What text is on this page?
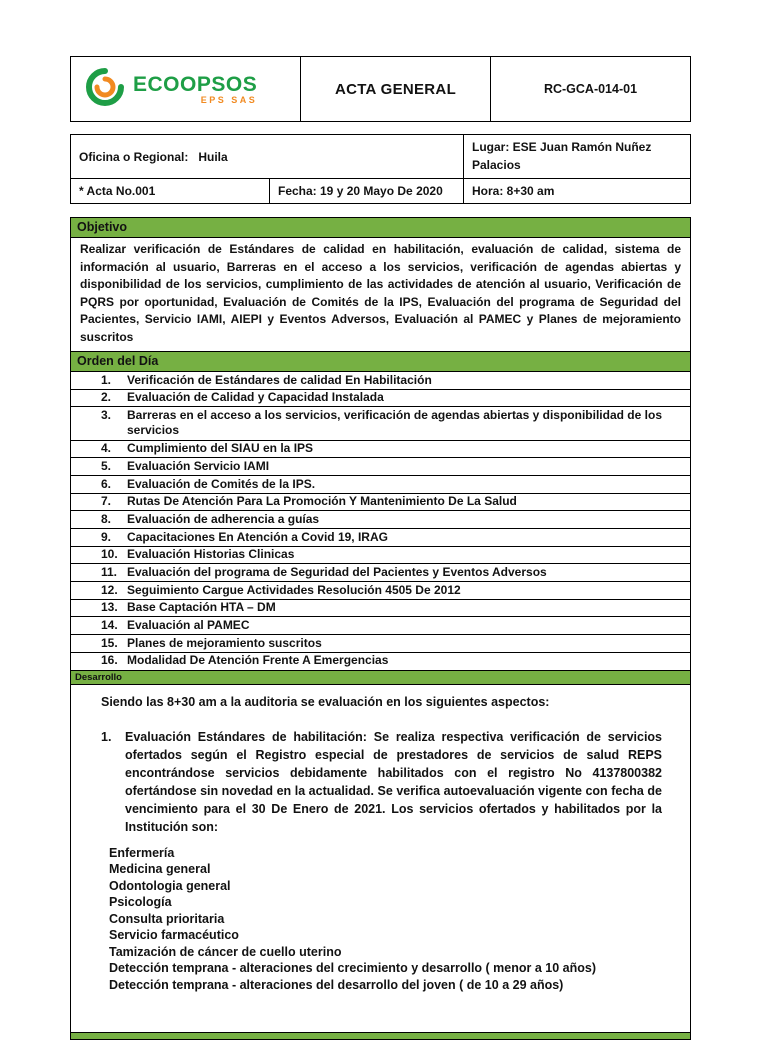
ECOOPSOS
EPS SAS
ACTA GENERAL	RC-GCA-014-01
Oficina o Regional: Huila
Lugar: ESE Juan Ramón Nuñez Palacios
* Acta No.001	Fecha: 19 y 20 Mayo De 2020	Hora: 8+30 am
Objetivo
Realizar verificación de Estándares de calidad en habilitación, evaluación de calidad, sistema de información al usuario, Barreras en el acceso a los servicios, verificación de agendas abiertas y disponibilidad de los servicios, cumplimiento de las actividades de atención al usuario, Verificación de PQRS por oportunidad, Evaluación de Comités de la IPS, Evaluación del programa de Seguridad del Pacientes, Servicio IAMI, AIEPI y Eventos Adversos, Evaluación al PAMEC y Planes de mejoramiento suscritos
Orden del Día
1.	Verificación de Estándares de calidad En Habilitación
2.	Evaluación de Calidad y Capacidad Instalada
3.	Barreras en el acceso a los servicios, verificación de agendas abiertas y disponibilidad de los servicios
4.	Cumplimiento del SIAU en la IPS
5.	Evaluación Servicio IAMI
6.	Evaluación de Comités de la IPS.
7.	Rutas De Atención Para La Promoción Y Mantenimiento De La Salud
8.	Evaluación de adherencia a guías
9.	Capacitaciones En Atención a Covid 19, IRAG
10. Evaluación Historias Clinicas
11. Evaluación del programa de Seguridad del Pacientes y Eventos Adversos
12. Seguimiento Cargue Actividades Resolución 4505 De 2012
13. Base Captación HTA – DM
14. Evaluación al PAMEC
15. Planes de mejoramiento suscritos
16. Modalidad De Atención Frente A Emergencias
Desarrollo

Siendo las 8+30 am a la auditoria se evaluación en los siguientes aspectos:

1.	Evaluación Estándares de habilitación: Se realiza respectiva verificación de servicios ofertados según el Registro especial de prestadores de servicios de salud REPS encontrándose servicios debidamente habilitados con el registro No 4137800382 ofertándose sin novedad en la actualidad. Se verifica autoevaluación vigente con fecha de vencimiento para el 30 De Enero de 2021. Los servicios ofertados y habilitados por la Institución son:
Enfermería
Medicina general
Odontologia general
Psicología
Consulta prioritaria
Servicio farmacéutico
Tamización de cáncer de cuello uterino
Detección temprana - alteraciones del crecimiento y desarrollo ( menor a 10 años)
Detección temprana - alteraciones del desarrollo del joven ( de 10 a 29 años)
